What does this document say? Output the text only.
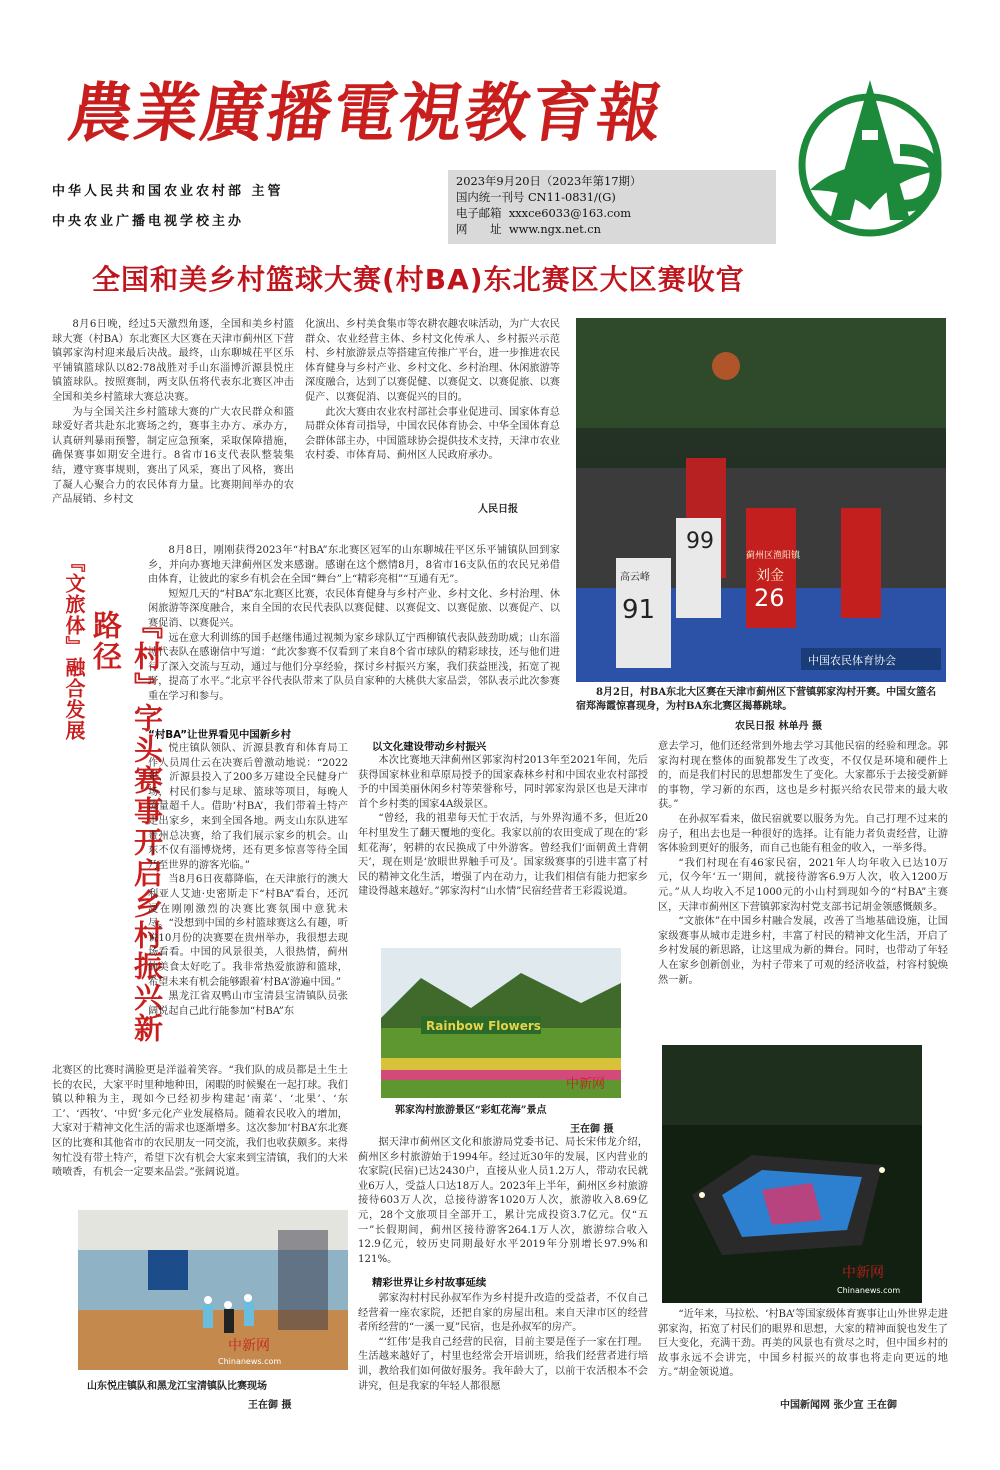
農業廣播電視教育報
中华人民共和国农业农村部 主管
中央农业广播电视学校主办
2023年9月20日（2023年第17期）
国内统一刊号 CN11-0831/(G)
电子邮箱 xxxce6033@163.com
网　　址 www.ngx.net.cn
全国和美乡村篮球大赛(村BA)东北赛区大区赛收官

8月6日晚，经过5天激烈角逐，全国和美乡村篮球大赛（村BA）东北赛区大区赛在天津市蓟州区下营镇郭家沟村迎来最后决战。最终，山东聊城茌平区乐平铺镇篮球队以82:78战胜对手山东淄博沂源县悦庄镇篮球队。按照赛制，两支队伍将代表东北赛区冲击全国和美乡村篮球大赛总决赛。

为与全国关注乡村篮球大赛的广大农民群众和篮球爱好者共赴东北赛场之约，赛事主办方、承办方，认真研判暴雨预警，制定应急预案，采取保障措施，确保赛事如期安全进行。8省市16支代表队整装集结，遵守赛事规则，赛出了风采，赛出了风格，赛出了凝人心聚合力的农民体育力量。比赛期间举办的农产品展销、乡村文

化演出、乡村美食集市等农耕农趣农味活动，为广大农民群众、农业经营主体、乡村文化传承人、乡村振兴示范村、乡村旅游景点等搭建宣传推广平台，进一步推进农民体育健身与乡村产业、乡村文化、乡村治理、休闲旅游等深度融合，达到了以赛促健、以赛促文、以赛促旅、以赛促产、以赛促消、以赛促兴的目的。

此次大赛由农业农村部社会事业促进司、国家体育总局群众体育司指导，中国农民体育协会、中华全国体育总会群体部主办，中国篮球协会提供技术支持，天津市农业农村委、市体育局、蓟州区人民政府承办。

人民日报
99
蓟州区渔阳镇
刘金
26
高云峰
91
中国农民体育协会
8月2日，村BA东北大区赛在天津市蓟州区下营镇郭家沟村开赛。中国女篮名宿郑海霞惊喜现身，为村BA东北赛区揭幕跳球。
农民日报 林单丹 摄

8月8日，刚刚获得2023年“村BA”东北赛区冠军的山东聊城茌平区乐平铺镇队回到家乡，并向办赛地天津蓟州区发来感谢。感谢在这个燃情8月，8省市16支队伍的农民兄弟借由体育，让彼此的家乡有机会在全国“舞台”上“精彩亮相”“互通有无”。

短短几天的“村BA”东北赛区比赛，农民体育健身与乡村产业、乡村文化、乡村治理、休闲旅游等深度融合，来自全国的农民代表队以赛促健、以赛促文、以赛促旅、以赛促产、以赛促消、以赛促兴。

远在意大利训练的国手赵继伟通过视频为家乡球队辽宁西柳镇代表队鼓劲助威；山东淄博代表队在感谢信中写道：“此次参赛不仅看到了来自8个省市球队的精彩球技，还与他们进行了深入交流与互动，通过与他们分享经验，探讨乡村振兴方案，我们获益匪浅，拓宽了视野，提高了水平。”北京平谷代表队带来了队员自家种的大桃供大家品尝，邻队表示此次参赛重在学习和参与。

『文旅体』融合发展	『村』字头赛事开启乡村振兴新路径
“村BA”让世界看见中国新乡村

悦庄镇队领队、沂源县教育和体育局工作人员周仕云在决赛后曾激动地说：“2022年，沂源县投入了200多万建设全民健身广场，村民们参与足球、篮球等项目，每晚人流量超千人。借助‘村BA’，我们带着土特产走出家乡，来到全国各地。两支山东队进军贵州总决赛，给了我们展示家乡的机会。山东不仅有淄博烧烤，还有更多惊喜等待全国乃至世界的游客光临。”

当8月6日夜幕降临，在天津旅行的澳大利亚人艾迪·史密斯走下“村BA”看台，还沉浸在刚刚激烈的决赛比赛氛围中意犹未尽。“没想到中国的乡村篮球赛这么有趣，听说10月份的决赛要在贵州举办，我很想去现场看看。中国的风景很美，人很热情，蓟州的美食太好吃了。我非常热爱旅游和篮球，希望未来有机会能够跟着‘村BA’游遍中国。”

黑龙江省双鸭山市宝清县宝清镇队员张阔说起自己此行能参加“村BA”东

北赛区的比赛时满脸更是洋溢着笑容。“我们队的成员都是土生土长的农民，大家平时里种地种田，闲暇的时候聚在一起打球。我们镇以种粮为主，现如今已经初步构建起‘南菜’、‘北果’、‘东工’、‘西牧’、‘中贸’多元化产业发展格局。随着农民收入的增加，大家对于精神文化生活的需求也逐渐增多。这次参加‘村BA’东北赛区的比赛和其他省市的农民朋友一同交流，我们也收获颇多。来得匆忙没有带土特产，希望下次有机会大家来到宝清镇，我们的大米喷喷香，有机会一定要来品尝。”张阔说道。

中新网
Chinanews.com
山东悦庄镇队和黑龙江宝清镇队比赛现场
王在御 摄
以文化建设带动乡村振兴

本次比赛地天津蓟州区郭家沟村2013年至2021年间，先后获得国家林业和草原局授予的国家森林乡村和中国农业农村部授予的中国美丽休闲乡村等荣誉称号，同时郭家沟景区也是天津市首个乡村类的国家4A级景区。

“曾经，我的祖辈每天忙于农活，与外界沟通不多，但近20年村里发生了翻天覆地的变化。我家以前的农田变成了现在的‘彩虹花海’，躬耕的农民换成了中外游客。曾经我们‘面朝黄土背朝天’，现在则是‘放眼世界触手可及’。国家级赛事的引进丰富了村民的精神文化生活，增强了内在动力，让我们相信有能力把家乡建设得越来越好。”郭家沟村“山水情”民宿经营者王彩霞说道。

Rainbow Flowers
中新网
郭家沟村旅游景区“彩虹花海”景点
王在御 摄

据天津市蓟州区文化和旅游局党委书记、局长宋伟龙介绍，蓟州区乡村旅游始于1994年。经过近30年的发展，区内营业的农家院(民宿)已达2430户，直接从业人员1.2万人，带动农民就业6万人，受益人口达18万人。2023年上半年，蓟州区乡村旅游接待603万人次，总接待游客1020万人次，旅游收入8.69亿元，28个文旅项目全部开工，累计完成投资3.7亿元。仅“五一”长假期间，蓟州区接待游客264.1万人次，旅游综合收入12.9亿元，较历史同期最好水平2019年分别增长97.9%和121%。

精彩世界让乡村故事延续

郭家沟村村民孙叔军作为乡村提升改造的受益者，不仅自己经营着一座农家院，还把自家的房屋出租。来自天津市区的经营者所经营的“一溪一夏”民宿，也是孙叔军的房产。

“‘红伟’是我自己经营的民宿，目前主要是侄子一家在打理。生活越来越好了，村里也经常会开培训班，给我们经营者进行培训，教给我们如何做好服务。我年龄大了，以前干农活根本不会讲究，但是我家的年轻人都很愿

意去学习，他们还经常到外地去学习其他民宿的经验和理念。郭家沟村现在整体的面貌都发生了改变，不仅仅是环境和硬件上的，而是我们村民的思想都发生了变化。大家都乐于去接受新鲜的事物，学习新的东西，这也是乡村振兴给农民带来的最大收获。”

在孙叔军看来，做民宿就要以服务为先。自己打理不过来的房子，租出去也是一种很好的选择。让有能力者负责经营，让游客体验到更好的服务，而自己也能有租金的收入，一举多得。

“我们村现在有46家民宿，2021年人均年收入已达10万元，仅今年‘五一’期间，就接待游客6.9万人次，收入1200万元。”从人均收入不足1000元的小山村到现如今的“村BA”主赛区，天津市蓟州区下营镇郭家沟村党支部书记胡金领感慨颇多。

“文旅体”在中国乡村融合发展，改善了当地基础设施，让国家级赛事从城市走进乡村，丰富了村民的精神文化生活，开启了乡村发展的新思路，让这里成为新的舞台。同时，也带动了年轻人在家乡创新创业，为村子带来了可观的经济收益，村容村貌焕然一新。

中新网
Chinanews.com

“近年来，马拉松、‘村BA’等国家级体育赛事让山外世界走进郭家沟，拓宽了村民们的眼界和思想，大家的精神面貌也发生了巨大变化，充满干劲。再美的风景也有赏尽之时，但中国乡村的故事永远不会讲完，中国乡村振兴的故事也将走向更远的地方。”胡金领说道。

中国新闻网 张少宣 王在御
